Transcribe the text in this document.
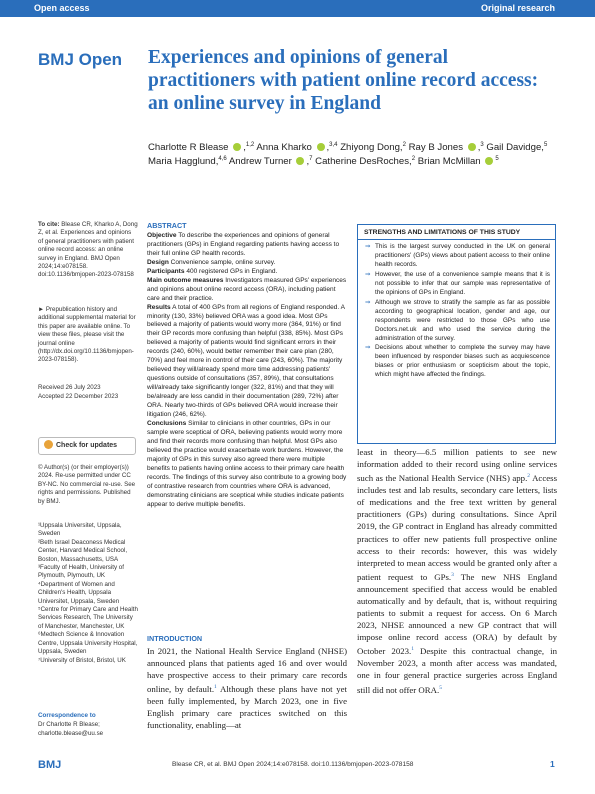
Open access	Original research
BMJ Open Experiences and opinions of general practitioners with patient online record access: an online survey in England
Charlotte R Blease ,$^{1,2}$ Anna Kharko ,$^{3,4}$ Zhiyong Dong,$^2$ Ray B Jones ,$^3$ Gail Davidge,$^5$ Maria Hagglund,$^{4,6}$ Andrew Turner ,$^7$ Catherine DesRoches,$^2$ Brian McMillan $^5$
To cite: Blease CR, Kharko A, Dong Z, et al. Experiences and opinions of general practitioners with patient online record access: an online survey in England. BMJ Open 2024;14:e078158. doi:10.1136/bmjopen-2023-078158
► Prepublication history and additional supplemental material for this paper are available online. To view these files, please visit the journal online (http://dx.doi.org/10.1136/bmjopen-2023-078158).
Received 26 July 2023
Accepted 22 December 2023
Check for updates
© Author(s) (or their employer(s)) 2024. Re-use permitted under CC BY-NC. No commercial re-use. See rights and permissions. Published by BMJ.
¹Uppsala Universitet, Uppsala, Sweden
²Beth Israel Deaconess Medical Center, Harvard Medical School, Boston, Massachusetts, USA
³Faculty of Health, University of Plymouth, Plymouth, UK
⁴Department of Women and Children's Health, Uppsala Universitet, Uppsala, Sweden
⁵Centre for Primary Care and Health Services Research, The University of Manchester, Manchester, UK
⁶Medtech Science & Innovation Centre, Uppsala University Hospital, Uppsala, Sweden
⁷University of Bristol, Bristol, UK
Correspondence to
Dr Charlotte R Blease;
charlotte.blease@uu.se
ABSTRACT

Objective To describe the experiences and opinions of general practitioners (GPs) in England regarding patients having access to their full online GP health records.

Design Convenience sample, online survey.

Participants 400 registered GPs in England.

Main outcome measures Investigators measured GPs' experiences and opinions about online record access (ORA), including patient care and their practice.

Results A total of 400 GPs from all regions of England responded. A minority (130, 33%) believed ORA was a good idea. Most GPs believed a majority of patients would worry more (364, 91%) or find their GP records more confusing than helpful (338, 85%). Most GPs believed a majority of patients would find significant errors in their records (240, 60%), would better remember their care plan (280, 70%) and feel more in control of their care (243, 60%). The majority believed they will/already spend more time addressing patients' questions outside of consultations (357, 89%), that consultations will/already take significantly longer (322, 81%) and that they will be/already are less candid in their documentation (289, 72%) after ORA. Nearly two-thirds of GPs believed ORA would increase their litigation (246, 62%).

Conclusions Similar to clinicians in other countries, GPs in our sample were sceptical of ORA, believing patients would worry more and find their records more confusing than helpful. Most GPs also believed the practice would exacerbate work burdens. However, the majority of GPs in this survey also agreed there were multiple benefits to patients having online access to their primary care health records. The findings of this survey also contribute to a growing body of contrastive research from countries where ORA is advanced, demonstrating clinicians are sceptical while studies indicate patients appear to derive multiple benefits.

STRENGTHS AND LIMITATIONS OF THIS STUDY
⇒ This is the largest survey conducted in the UK on general practitioners' (GPs) views about patient access to their online health records.
⇒ However, the use of a convenience sample means that it is not possible to infer that our sample was representative of the opinions of GPs in England.
⇒ Although we strove to stratify the sample as far as possible according to geographical location, gender and age, our respondents were restricted to those GPs who use Doctors.net.uk and who used the service during the administration of the survey.
⇒ Decisions about whether to complete the survey may have been influenced by responder biases such as acquiescence biases or prior enthusiasm or scepticism about the topic, which might have affected the findings.
INTRODUCTION
In 2021, the National Health Service England (NHSE) announced plans that patients aged 16 and over would have prospective access to their primary care records online, by default.$^1$ Although these plans have not yet been fully implemented, by March 2023, one in five English primary care practices switched on this functionality, enabling—at
least in theory—6.5 million patients to see new information added to their record using online services such as the National Health Service (NHS) app.$^2$ Access includes test and lab results, secondary care letters, lists of medications and the free text written by general practitioners (GPs) during consultations. Since April 2019, the GP contract in England has already committed practices to offer new patients full prospective online access to their records: however, this was widely interpreted to mean access would be granted only after a patient request to GPs.$^3$ The new NHS England announcement specified that access would be enabled automatically and by default, that is, without requiring patients to submit a request for access. On 6 March 2023, NHSE announced a new GP contract that will impose online record access (ORA) by default by October 2023.$^1$ Despite this contractual change, in November 2023, a month after access was mandated, one in four general practice surgeries across England still did not offer ORA.$^5$
BMJ	Blease CR, et al. BMJ Open 2024;14:e078158. doi:10.1136/bmjopen-2023-078158	1
